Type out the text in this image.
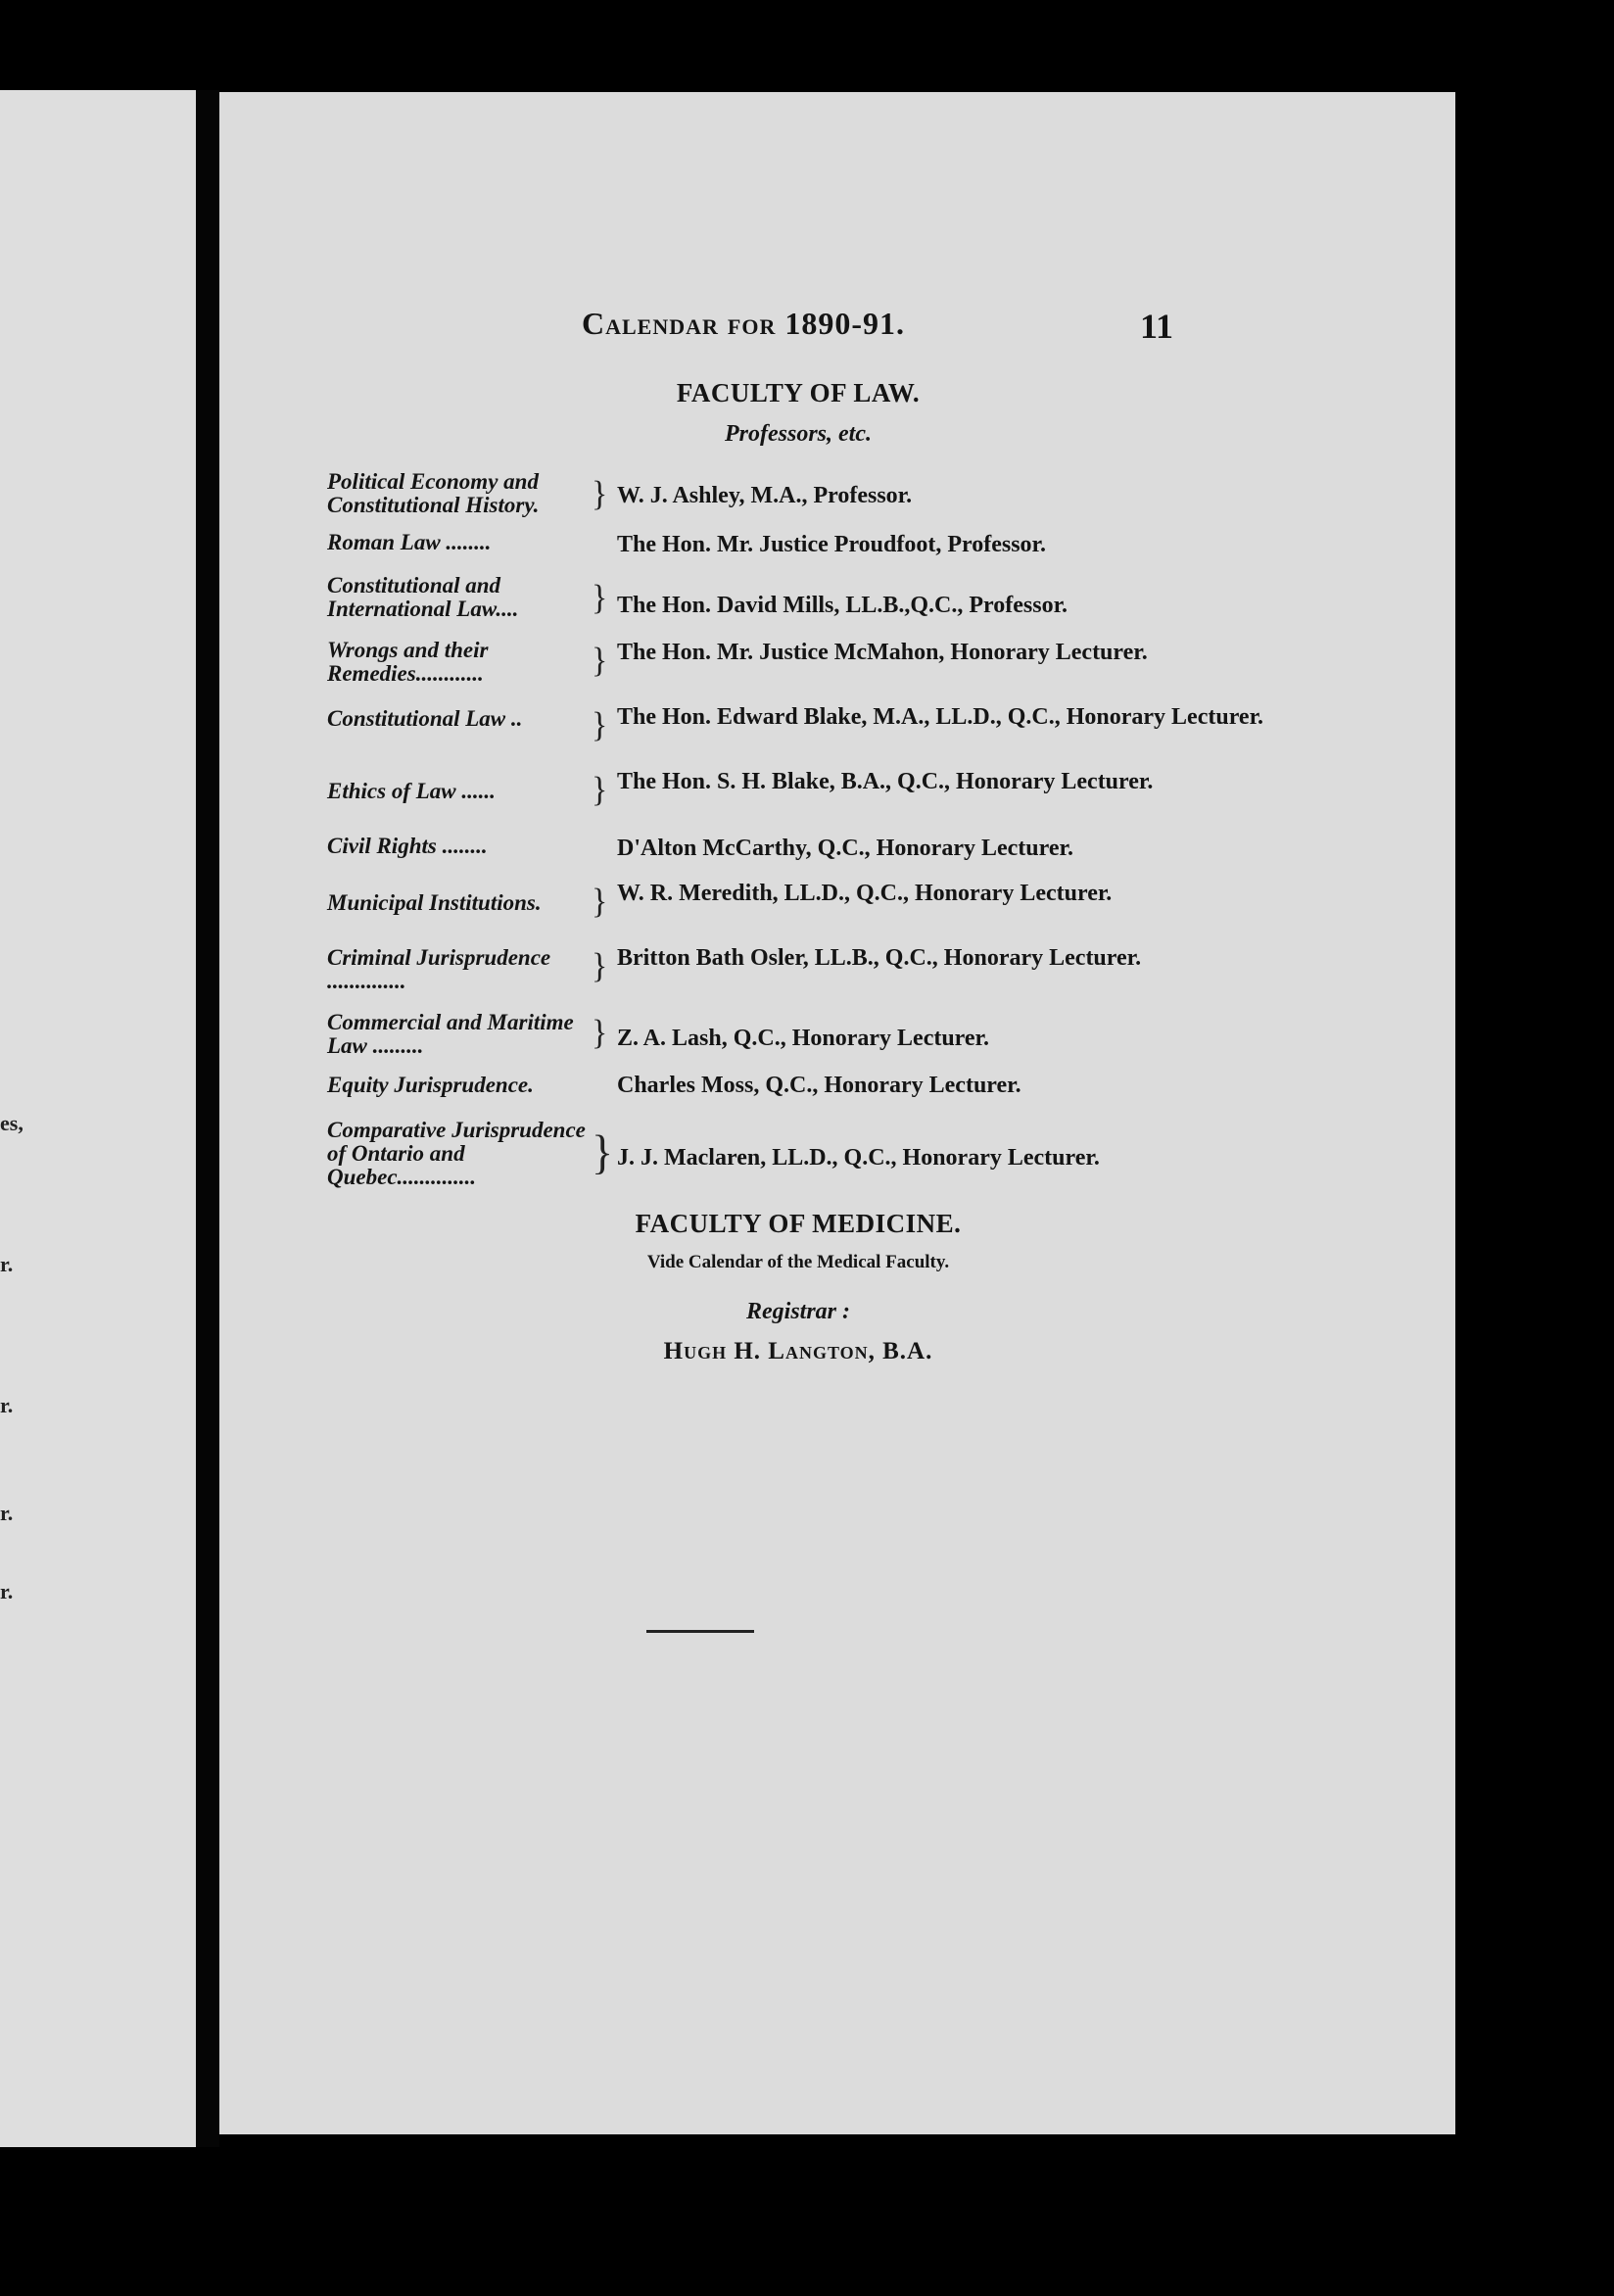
es,
r.
r.
r.
r.
Calendar for 1890-91.	11
FACULTY OF LAW.
Professors, etc.
Political Economy and Constitutional History.	} W. J. Ashley, M.A., Professor.
Roman Law ........	The Hon. Mr. Justice Proudfoot, Professor.
Constitutional and International Law....	} The Hon. David Mills, LL.B.,Q.C., Professor.
Wrongs and their Remedies............	} The Hon. Mr. Justice McMahon, Honorary Lecturer.
Constitutional Law ..	} The Hon. Edward Blake, M.A., LL.D., Q.C., Honorary Lecturer.
Ethics of Law ......	} The Hon. S. H. Blake, B.A., Q.C., Honorary Lecturer.
Civil Rights ........	D'Alton McCarthy, Q.C., Honorary Lecturer.
Municipal Institutions.	} W. R. Meredith, LL.D., Q.C., Honorary Lecturer.
Criminal Jurisprudence ..............	} Britton Bath Osler, LL.B., Q.C., Honorary Lecturer.
Commercial and Maritime Law .........	} Z. A. Lash, Q.C., Honorary Lecturer.
Equity Jurisprudence.	Charles Moss, Q.C., Honorary Lecturer.
Comparative Jurisprudence of Ontario and Quebec..............	} J. J. Maclaren, LL.D., Q.C., Honorary Lecturer.
FACULTY OF MEDICINE.
Vide Calendar of the Medical Faculty.
Registrar :
Hugh H. Langton, B.A.
